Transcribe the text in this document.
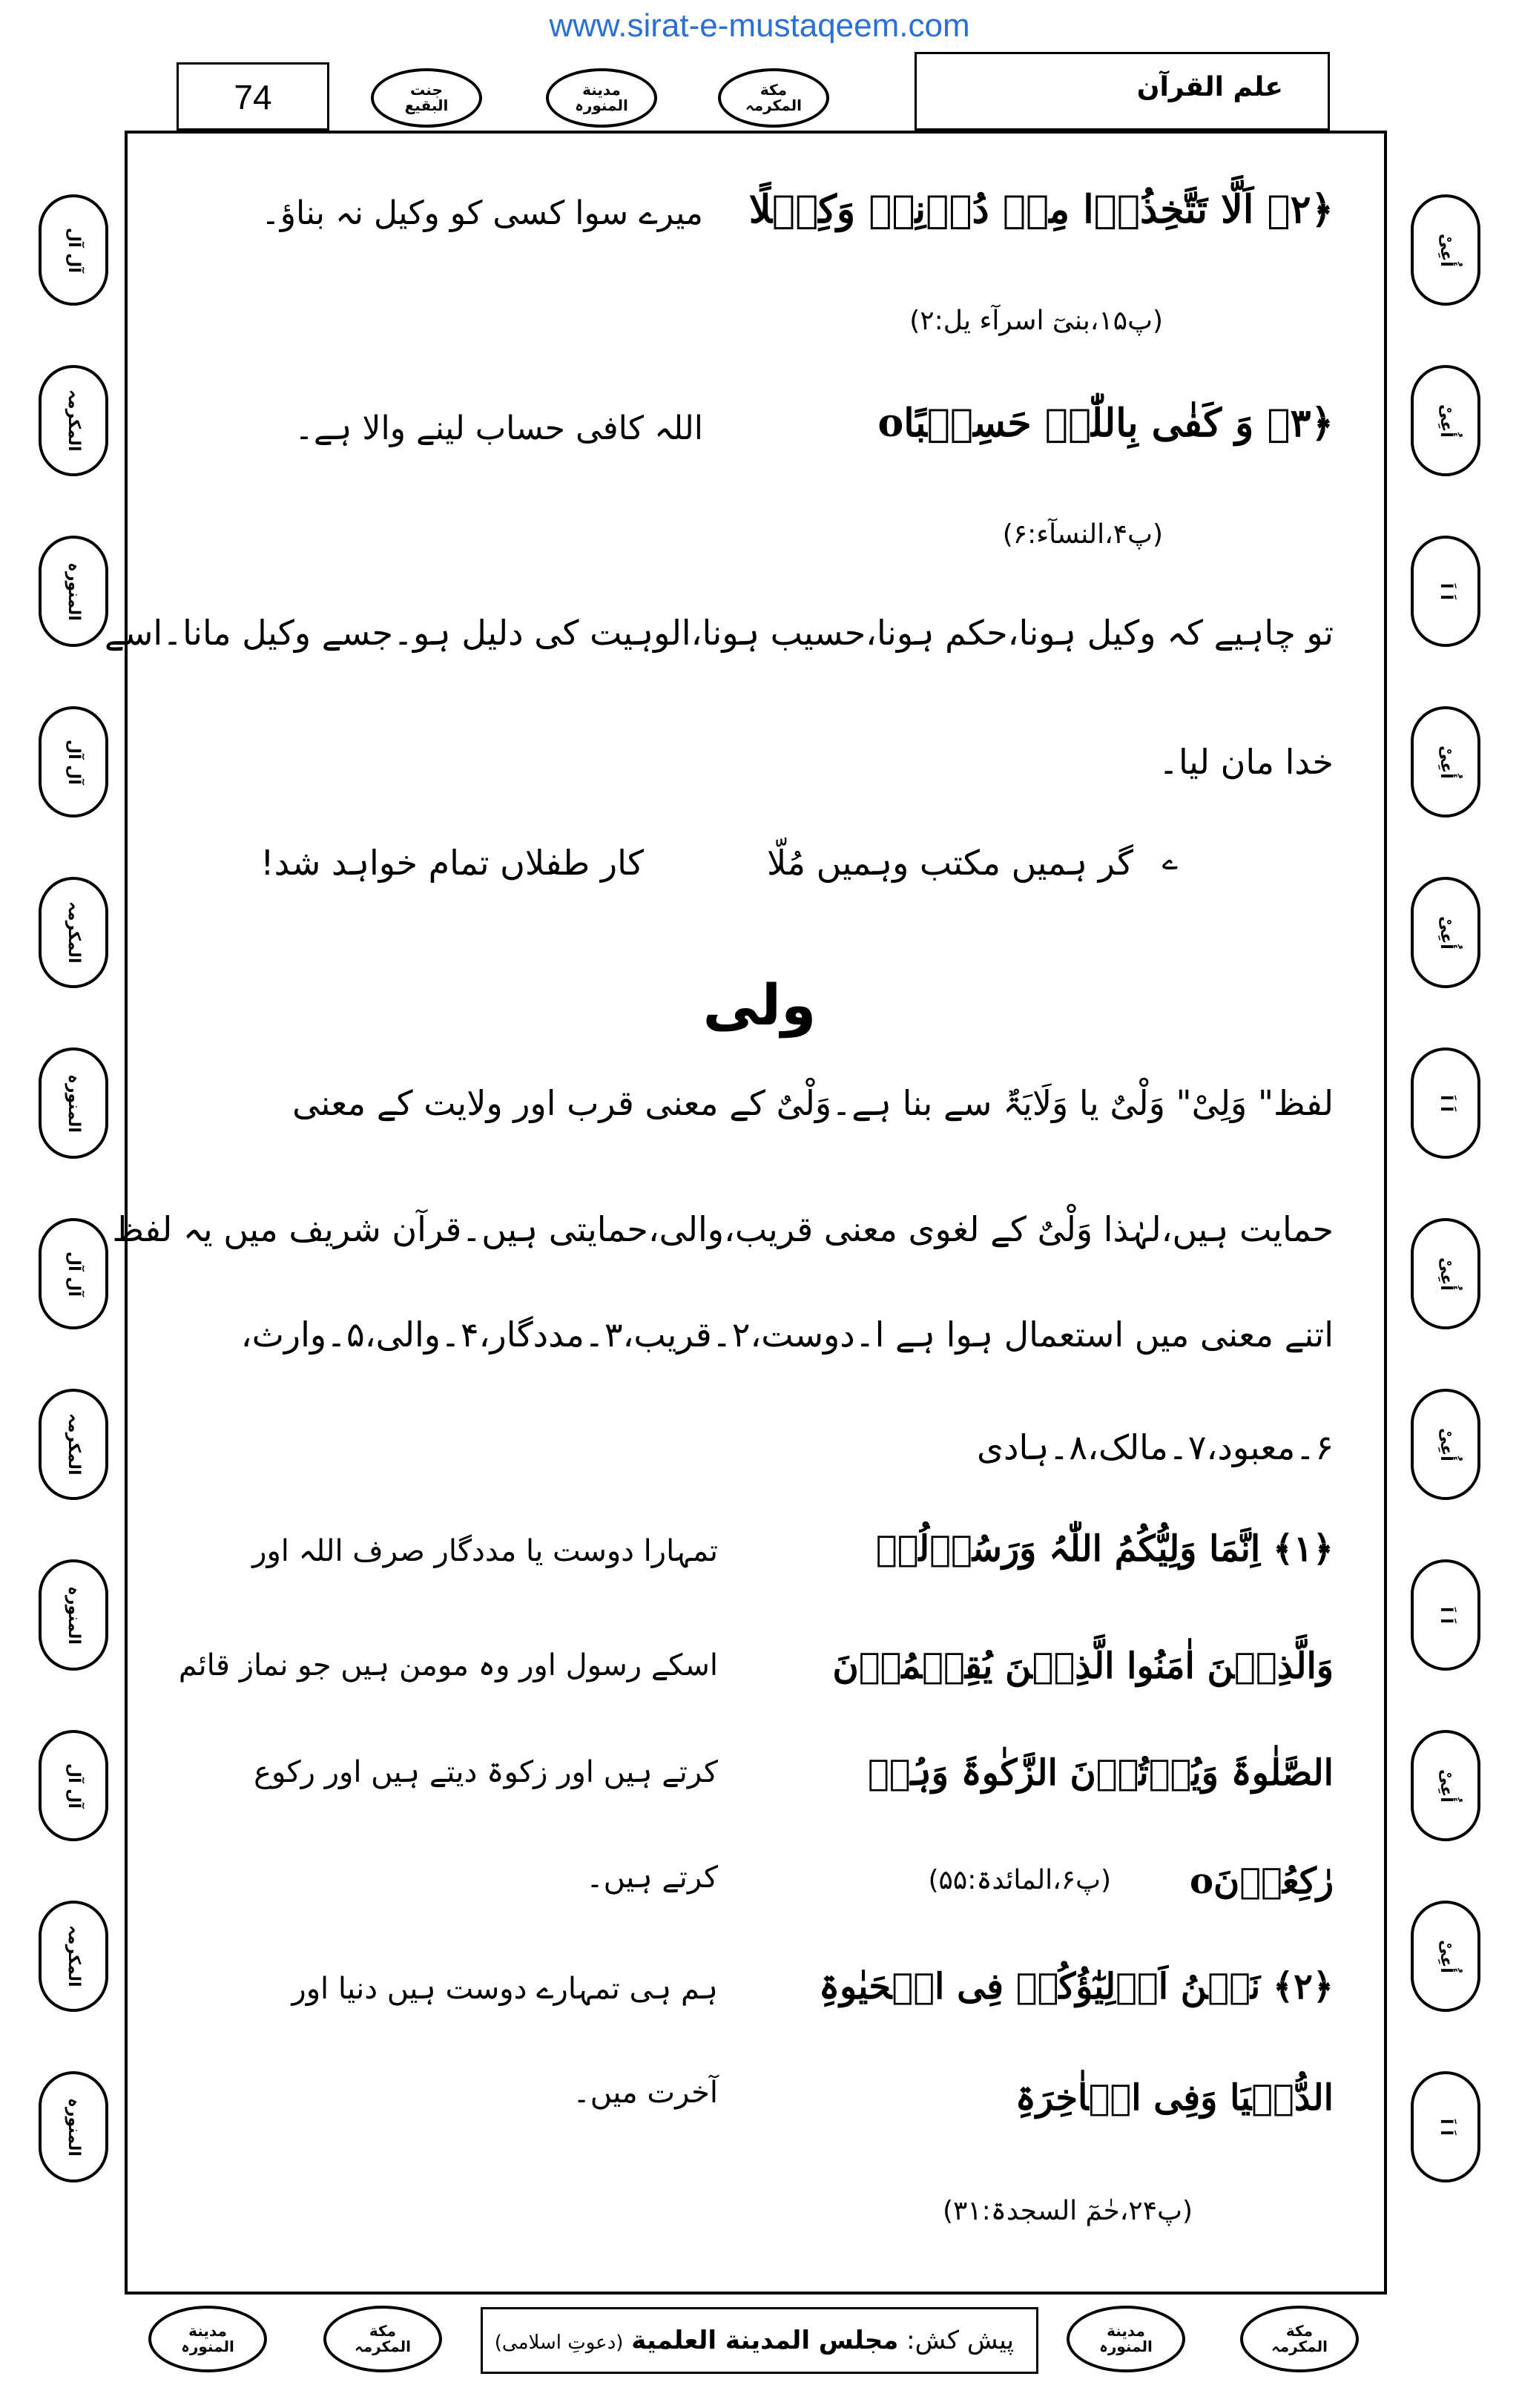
www.sirat-e-mustaqeem.com
74	جنت
البقیع
مدینة
المنورہ
مکة
المکرمہ
علم القرآن
آل آل
المکرمہ
المنورہ
آل آل
المکرمہ
المنورہ
آل آل
المکرمہ
المنورہ
آل آل
المکرمہ
المنورہ
أُعِیْ
أُعِیْ
اَ اَ
أُعِیْ
أُعِیْ
اَ اَ
أُعِیْ
أُعِیْ
اَ اَ
أُعِیْ
أُعِیْ
اَ اَ
﴿۲﴾ اَلَّا تَتَّخِذُوۡا مِنۡ دُوۡنِیۡ وَکِیۡلًا
میرے سوا کسی کو وکیل نہ بناؤ۔
(پ۱۵،بنیٓ اسرآء یل:۲)
﴿۳﴾ وَ کَفٰی بِاللّٰہِ حَسِیۡبًاo
اللہ کافی حساب لینے والا ہے۔
(پ۴،النسآء:۶)
تو چاہیے کہ وکیل ہونا،حکم ہونا،حسیب ہونا،الوہیت کی دلیل ہو۔جسے وکیل مانا۔اسے
خدا مان لیا۔
ے
گر ہمیں مکتب وہمیں مُلّا
کار طفلاں تمام خواہد شد!
ولی
لفظ" وَلِیْ" وَلْیٌ یا وَلَایَۃٌ سے بنا ہے۔وَلْیٌ کے معنی قرب اور ولایت کے معنی
حمایت ہیں،لہٰذا وَلْیٌ کے لغوی معنی قریب،والی،حمایتی ہیں۔قرآن شریف میں یہ لفظ
اتنے معنی میں استعمال ہوا ہے ا۔دوست،۲۔قریب،۳۔مددگار،۴۔والی،۵۔وارث،
۶۔معبود،۷۔مالک،۸۔ہادی
﴿۱﴾ اِنَّمَا وَلِیُّکُمُ اللّٰہُ وَرَسُوۡلُہٗ
وَالَّذِیۡنَ اٰمَنُوا الَّذِیۡنَ یُقِیۡمُوۡنَ
الصَّلٰوۃَ وَیُؤۡتُوۡنَ الزَّکٰوۃَ وَہُمۡ
رٰکِعُوۡنَo
(پ۶،المائدۃ:۵۵)
تمہارا دوست یا مددگار صرف اللہ اور
اسکے رسول اور وہ مومن ہیں جو نماز قائم
کرتے ہیں اور زکوۃ دیتے ہیں اور رکوع
کرتے ہیں۔
﴿۲﴾ نَحۡنُ اَوۡلِیٰٓؤُکُمۡ فِی الۡحَیٰوۃِ
الدُّنۡیَا وَفِی الۡاٰخِرَۃِ
ہم ہی تمہارے دوست ہیں دنیا اور
آخرت میں۔
(پ۲۴،حٰمٓ السجدۃ:۳۱)
مدینة
المنورہ
مکة
المکرمہ	پیش کش: مجلس المدینة العلمیة (دعوتِ اسلامی)
مدینة
المنورہ
مکة
المکرمہ
